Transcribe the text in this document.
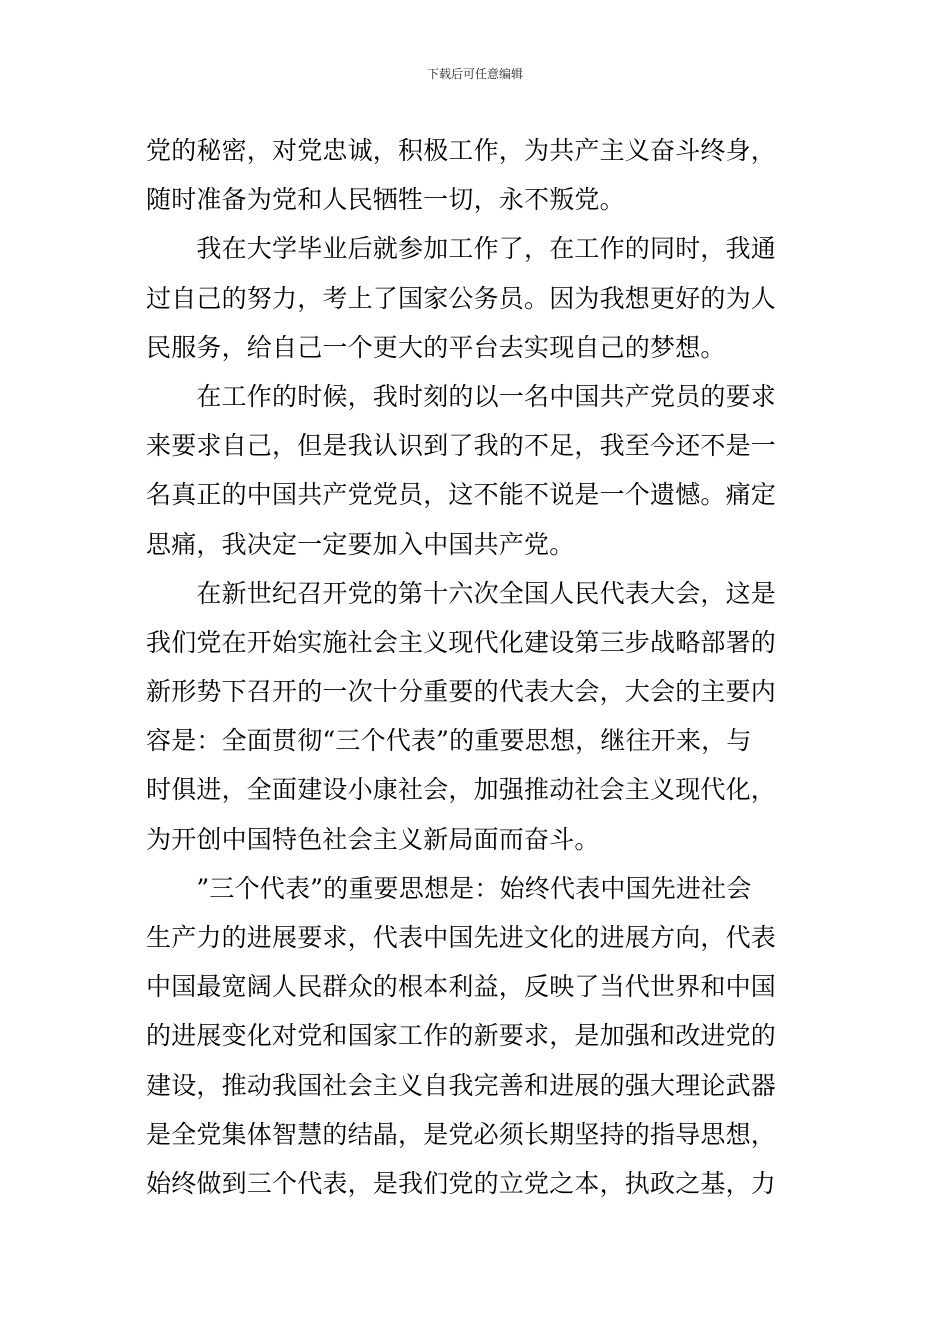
下载后可任意编辑
党的秘密，对党忠诚，积极工作，为共产主义奋斗终身，
随时准备为党和人民牺牲一切，永不叛党。
　　我在大学毕业后就参加工作了，在工作的同时，我通
过自己的努力，考上了国家公务员。因为我想更好的为人
民服务，给自己一个更大的平台去实现自己的梦想。
　　在工作的时候，我时刻的以一名中国共产党员的要求
来要求自己，但是我认识到了我的不足，我至今还不是一
名真正的中国共产党党员，这不能不说是一个遗憾。痛定
思痛，我决定一定要加入中国共产党。
　　在新世纪召开党的第十六次全国人民代表大会，这是
我们党在开始实施社会主义现代化建设第三步战略部署的
新形势下召开的一次十分重要的代表大会，大会的主要内
容是：全面贯彻“三个代表”的重要思想，继往开来，与
时俱进，全面建设小康社会，加强推动社会主义现代化，
为开创中国特色社会主义新局面而奋斗。
　　”三个代表”的重要思想是：始终代表中国先进社会
生产力的进展要求，代表中国先进文化的进展方向，代表
中国最宽阔人民群众的根本利益，反映了当代世界和中国
的进展变化对党和国家工作的新要求，是加强和改进党的
建设，推动我国社会主义自我完善和进展的强大理论武器
是全党集体智慧的结晶，是党必须长期坚持的指导思想，
始终做到三个代表，是我们党的立党之本，执政之基，力
